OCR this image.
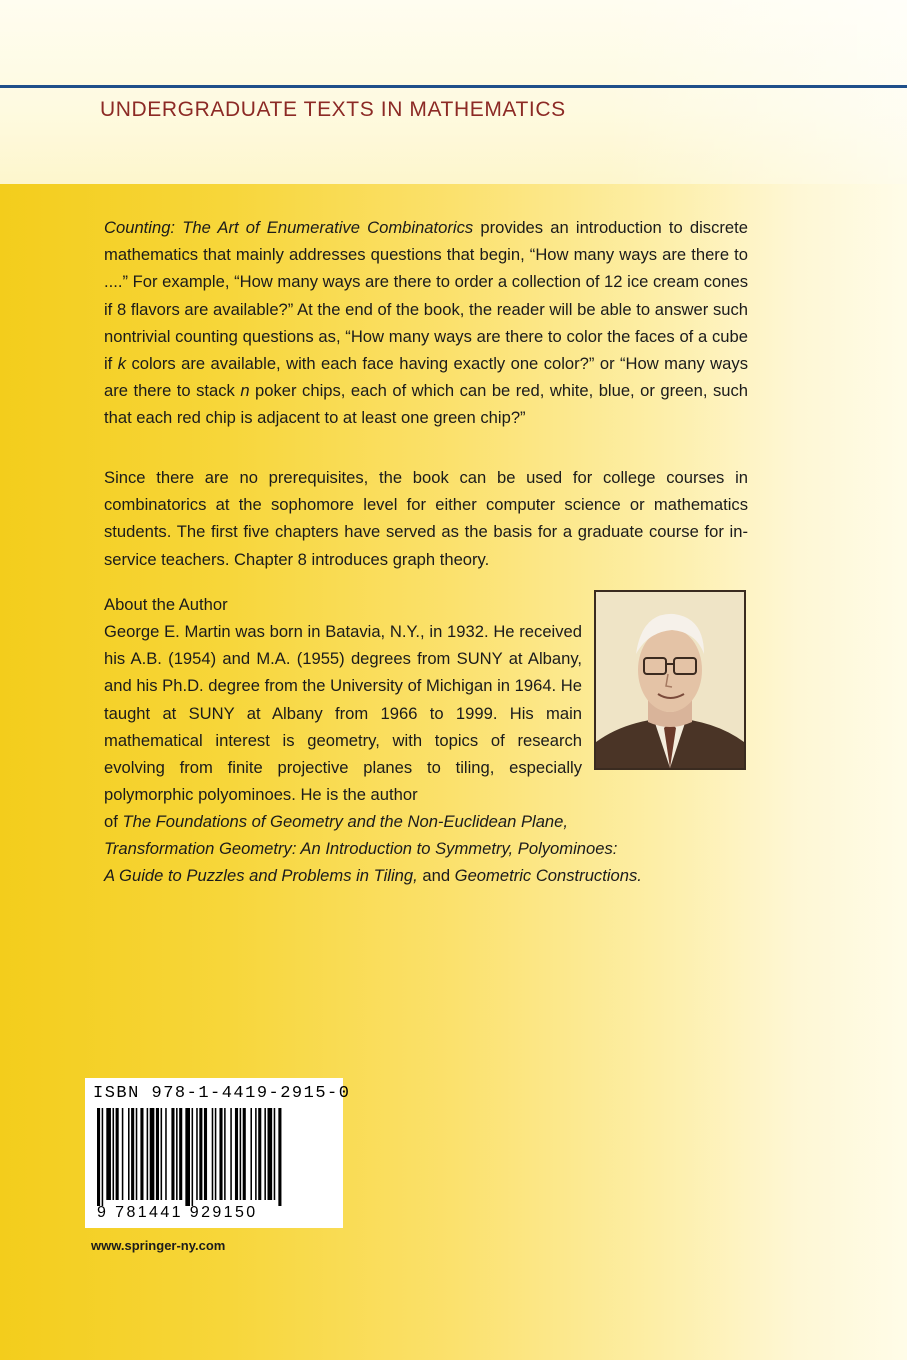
UNDERGRADUATE TEXTS IN MATHEMATICS

Counting: The Art of Enumerative Combinatorics provides an introduction to discrete mathematics that mainly addresses questions that begin, “How many ways are there to ....” For example, “How many ways are there to order a collection of 12 ice cream cones if 8 flavors are available?” At the end of the book, the reader will be able to answer such nontrivial counting questions as, “How many ways are there to color the faces of a cube if k colors are available, with each face having exactly one color?” or “How many ways are there to stack n poker chips, each of which can be red, white, blue, or green, such that each red chip is adjacent to at least one green chip?”

Since there are no prerequisites, the book can be used for college courses in combinatorics at the sophomore level for either computer science or mathematics students. The first five chapters have served as the basis for a graduate course for in-service teachers. Chapter 8 introduces graph theory.

About the Author

George E. Martin was born in Batavia, N.Y., in 1932. He received his A.B. (1954) and M.A. (1955) degrees from SUNY at Albany, and his Ph.D. degree from the University of Michigan in 1964. He taught at SUNY at Albany from 1966 to 1999. His main mathematical interest is geometry, with topics of research evolving from finite projective planes to tiling, especially polymorphic polyominoes. He is the author

of The Foundations of Geometry and the Non-Euclidean Plane,
Transformation Geometry: An Introduction to Symmetry, Polyominoes:
A Guide to Puzzles and Problems in Tiling, and Geometric Constructions.

ISBN 978-1-4419-2915-0

9 781441 929150

www.springer-ny.com
